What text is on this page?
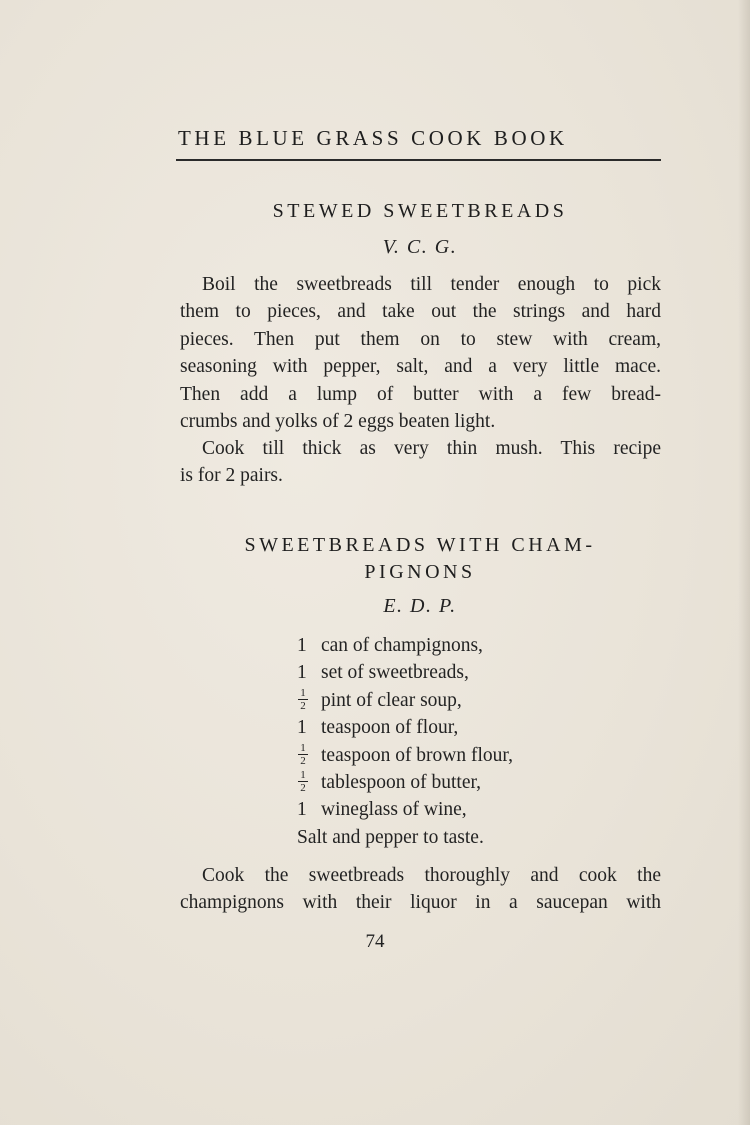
THE BLUE GRASS COOK BOOK
STEWED SWEETBREADS
V. C. G.
Boil the sweetbreads till tender enough to pick
them to pieces, and take out the strings and hard
pieces. Then put them on to stew with cream,
seasoning with pepper, salt, and a very little mace.
Then add a lump of butter with a few bread-
crumbs and yolks of 2 eggs beaten light.
Cook till thick as very thin mush. This recipe
is for 2 pairs.
SWEETBREADS WITH CHAM-
PIGNONS
E. D. P.
1 can of champignons,
1 set of sweetbreads,
$\frac{1}{2}$ pint of clear soup,
1 teaspoon of flour,
$\frac{1}{2}$ teaspoon of brown flour,
$\frac{1}{2}$ tablespoon of butter,
1 wineglass of wine,
Salt and pepper to taste.
Cook the sweetbreads thoroughly and cook the
champignons with their liquor in a saucepan with
74
